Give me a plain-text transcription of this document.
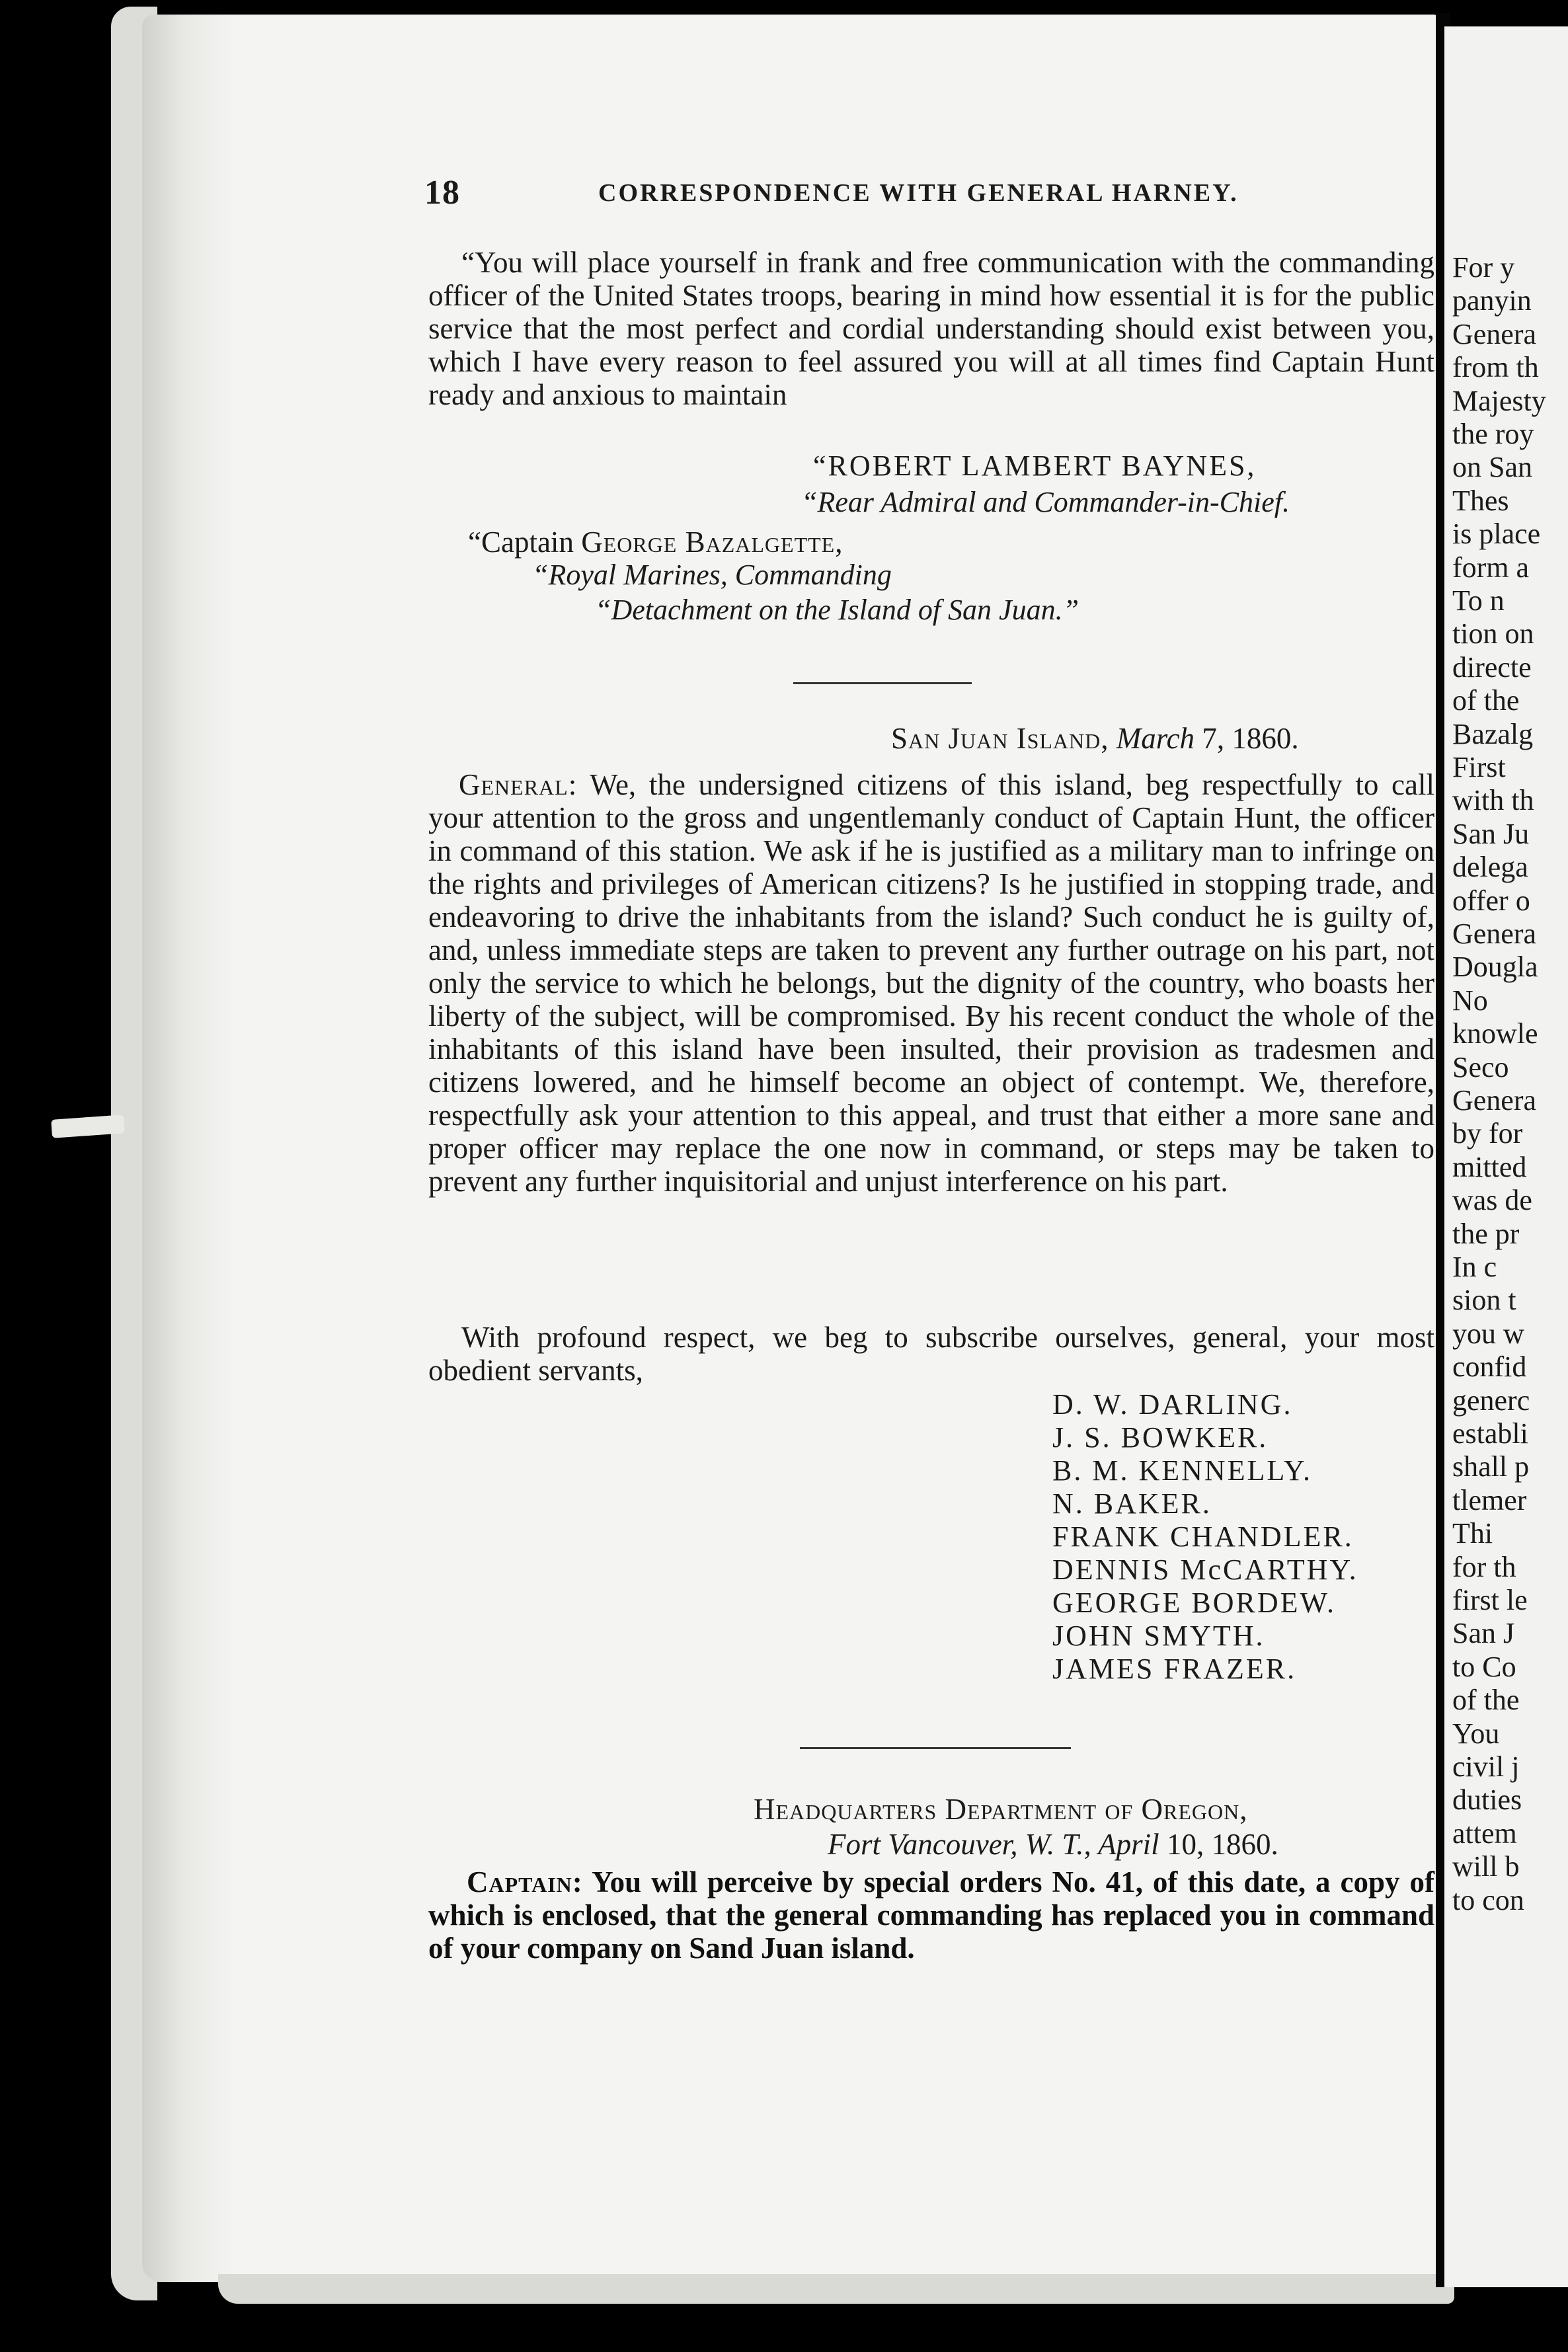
18	CORRESPONDENCE WITH GENERAL HARNEY.
“You will place yourself in frank and free communication with the commanding officer of the United States troops, bearing in mind how essential it is for the public service that the most perfect and cordial understanding should exist between you, which I have every reason to feel assured you will at all times find Captain Hunt ready and anxious to maintain
“ROBERT LAMBERT BAYNES,
“Rear Admiral and Commander-in-Chief.
“Captain George Bazalgette,
“Royal Marines, Commanding
“Detachment on the Island of San Juan.”
San Juan Island, March 7, 1860.
General: We, the undersigned citizens of this island, beg respectfully to call your attention to the gross and ungentlemanly conduct of Captain Hunt, the officer in command of this station. We ask if he is justified as a military man to infringe on the rights and privileges of American citizens? Is he justified in stopping trade, and endeavoring to drive the inhabitants from the island? Such conduct he is guilty of, and, unless immediate steps are taken to prevent any further outrage on his part, not only the service to which he belongs, but the dignity of the country, who boasts her liberty of the subject, will be compromised. By his recent conduct the whole of the inhabitants of this island have been insulted, their provision as tradesmen and citizens lowered, and he himself become an object of contempt. We, therefore, respectfully ask your attention to this appeal, and trust that either a more sane and proper officer may replace the one now in command, or steps may be taken to prevent any further inquisitorial and unjust interference on his part.
With profound respect, we beg to subscribe ourselves, general, your most obedient servants,
D. W. DARLING.
J. S. BOWKER.
B. M. KENNELLY.
N. BAKER.
FRANK CHANDLER.
DENNIS McCARTHY.
GEORGE BORDEW.
JOHN SMYTH.
JAMES FRAZER.
Headquarters Department of Oregon,
Fort Vancouver, W. T., April 10, 1860.
Captain: You will perceive by special orders No. 41, of this date, a copy of which is enclosed, that the general commanding has replaced you in command of your company on Sand Juan island.
For y
panyin
Genera
from th
Majesty
the roy
on San
Thes
is place
form a
To n
tion on
directe
of the
Bazalg
First
with th
San Ju
delega
offer o
Genera
Dougla
No
knowle
Seco
Genera
by for
mitted
was de
the pr
In c
sion t
you w
confid
generc
establi
shall p
tlemer
Thi
for th
first le
San J
to Co
of the
You
civil j
duties
attem
will b
to con
